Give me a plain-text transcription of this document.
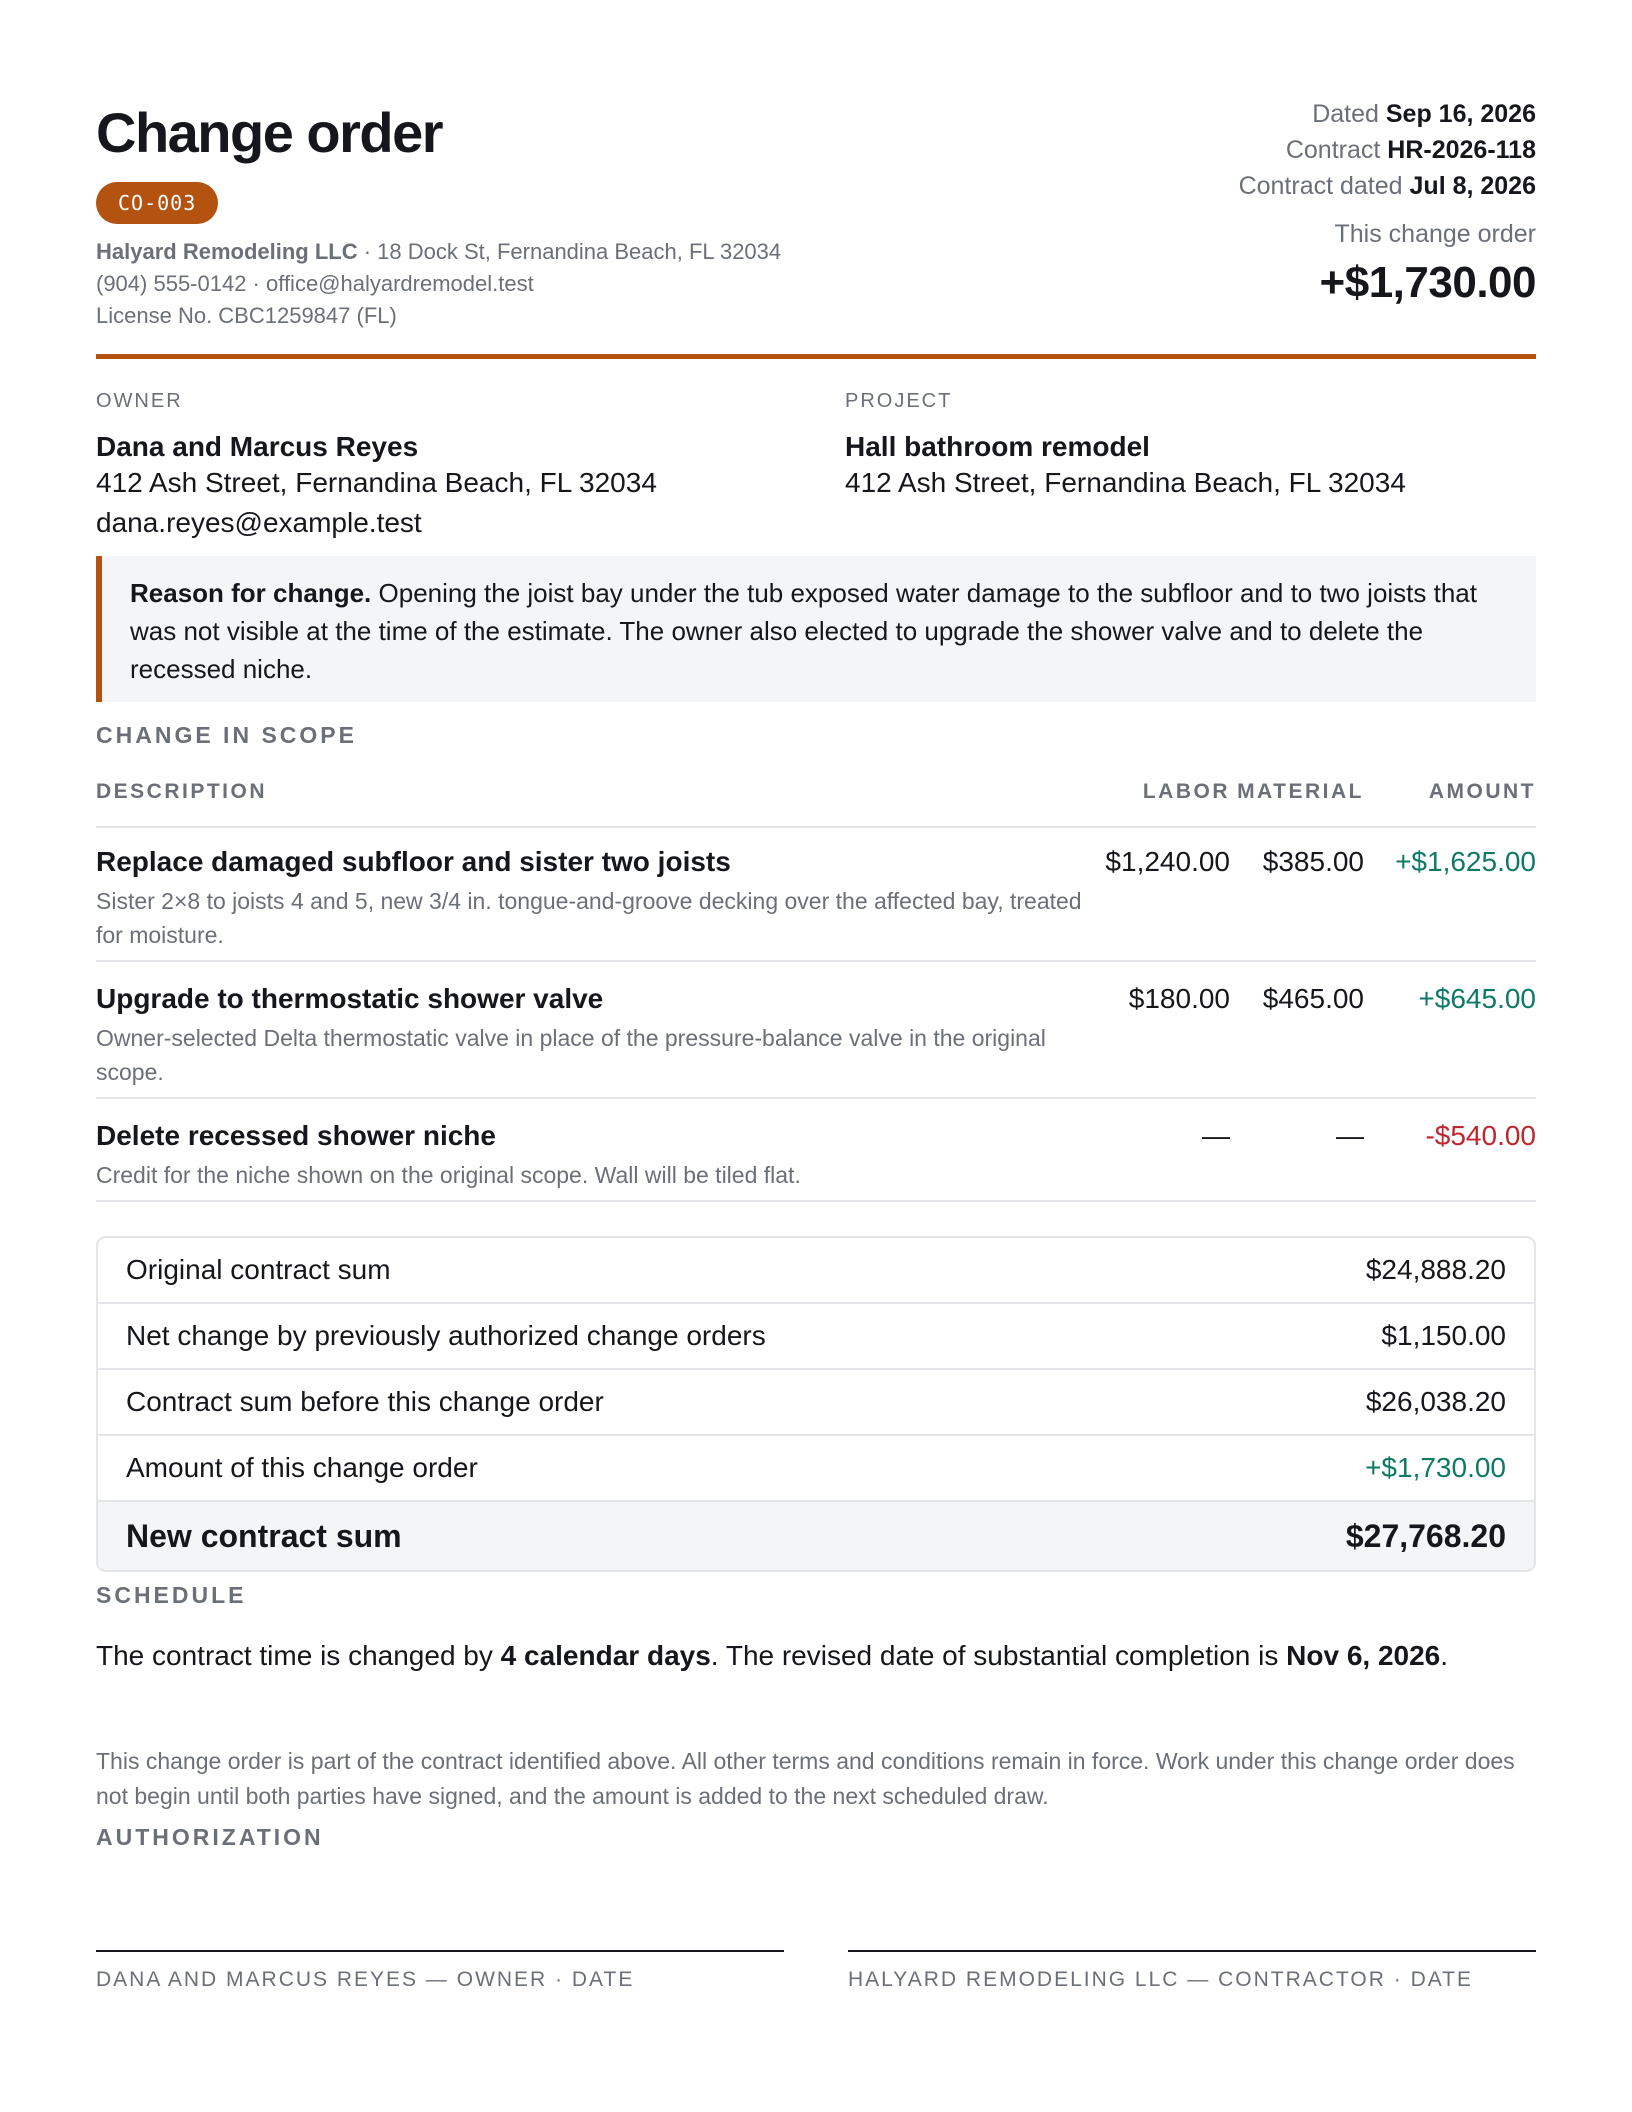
Change order
CO-003
Halyard Remodeling LLC · 18 Dock St, Fernandina Beach, FL 32034
(904) 555-0142 · office@halyardremodel.test
License No. CBC1259847 (FL)
Dated Sep 16, 2026
Contract HR-2026-118
Contract dated Jul 8, 2026
This change order
+$1,730.00
OWNER
Dana and Marcus Reyes
412 Ash Street, Fernandina Beach, FL 32034
dana.reyes@example.test
PROJECT
Hall bathroom remodel
412 Ash Street, Fernandina Beach, FL 32034
Reason for change. Opening the joist bay under the tub exposed water damage to the subfloor and to two joists that was not visible at the time of the estimate. The owner also elected to upgrade the shower valve and to delete the recessed niche.
CHANGE IN SCOPE
DESCRIPTION	LABOR MATERIAL	AMOUNT
Replace damaged subfloor and sister two joists
Sister 2×8 to joists 4 and 5, new 3/4 in. tongue-and-groove decking over the affected bay, treated for moisture.
$1,240.00 $385.00 +$1,625.00
Upgrade to thermostatic shower valve
Owner-selected Delta thermostatic valve in place of the pressure-balance valve in the original scope.
$180.00 $465.00 +$645.00
Delete recessed shower niche
Credit for the niche shown on the original scope. Wall will be tiled flat.
—	— -$540.00
Original contract sum	$24,888.20
Net change by previously authorized change orders	$1,150.00
Contract sum before this change order	$26,038.20
Amount of this change order	+$1,730.00
New contract sum	$27,768.20
SCHEDULE
The contract time is changed by 4 calendar days. The revised date of substantial completion is Nov 6, 2026.
This change order is part of the contract identified above. All other terms and conditions remain in force. Work under this change order does not begin until both parties have signed, and the amount is added to the next scheduled draw.
AUTHORIZATION
DANA AND MARCUS REYES — OWNER · DATE	HALYARD REMODELING LLC — CONTRACTOR · DATE
